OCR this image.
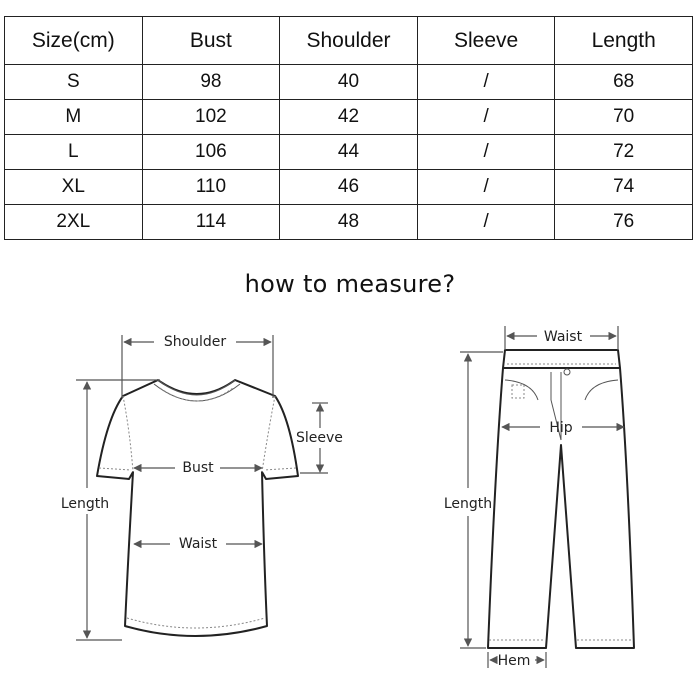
Size(cm)	Bust	Shoulder	Sleeve	Length
S	98	40	/	68
M	102	42	/	70
L	106	44	/	72
XL	110	46	/	74
2XL	114	48	/	76
how to measure?
Shoulder
Sleeve
Bust
Length
Waist
Waist
Hip
Length
Hem
